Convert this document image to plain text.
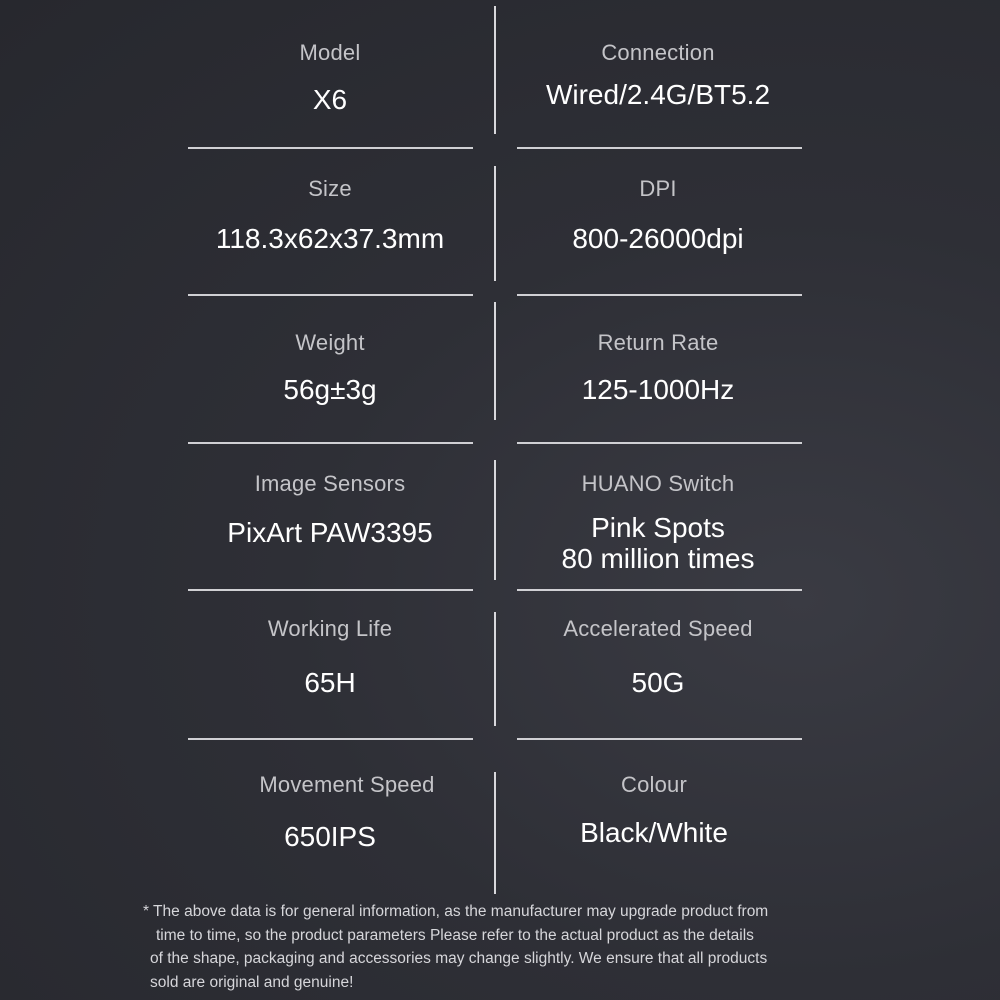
Model
X6
Connection
Wired/2.4G/BT5.2
Size
118.3x62x37.3mm
DPI
800-26000dpi
Weight
56g±3g
Return Rate
125-1000Hz
Image Sensors
PixArt PAW3395
HUANO Switch
Pink Spots
80 million times
Working Life
65H
Accelerated Speed
50G
Movement Speed
650IPS
Colour
Black/White
* The above data is for general information, as the manufacturer may upgrade product from
time to time, so the product parameters Please refer to the actual product as the details
of the shape, packaging and accessories may change slightly. We ensure that all products
sold are original and genuine!
